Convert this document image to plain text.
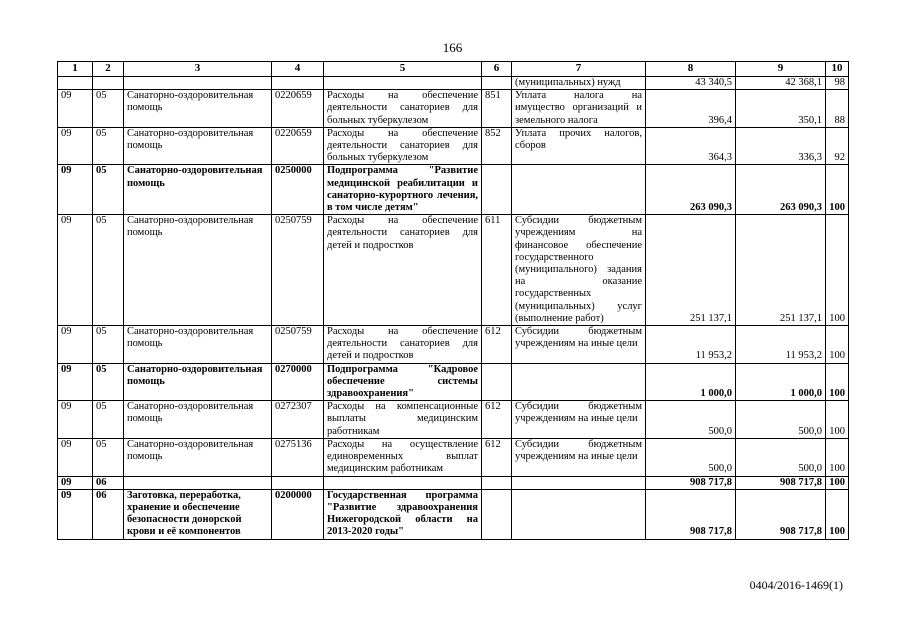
166
1	2	3	4	5	6	7	8	9	10
						(муниципальных) нужд	43 340,5	42 368,1	98
09	05	Санаторно-оздоровительная помощь	0220659	Расходы на обеспечение деятельности санаториев для больных туберкулезом	851	Уплата налога на имущество организаций и земельного налога	396,4	350,1	88
09	05	Санаторно-оздоровительная помощь	0220659	Расходы на обеспечение деятельности санаториев для больных туберкулезом	852	Уплата прочих налогов, сборов	364,3	336,3	92
09	05	Санаторно-оздоровительная помощь	0250000	Подпрограмма "Развитие медицинской реабилитации и санаторно-курортного лечения, в том числе детям"			263 090,3	263 090,3	100
09	05	Санаторно-оздоровительная помощь	0250759	Расходы на обеспечение деятельности санаториев для детей и подростков	611	Субсидии бюджетным учреждениям на финансовое обеспечение государственного (муниципального) задания на оказание государственных (муниципальных) услуг (выполнение работ)	251 137,1	251 137,1	100
09	05	Санаторно-оздоровительная помощь	0250759	Расходы на обеспечение деятельности санаториев для детей и подростков	612	Субсидии бюджетным учреждениям на иные цели	11 953,2	11 953,2	100
09	05	Санаторно-оздоровительная помощь	0270000	Подпрограмма "Кадровое обеспечение системы здравоохранения"			1 000,0	1 000,0	100
09	05	Санаторно-оздоровительная помощь	0272307	Расходы на компенсационные выплаты медицинским работникам	612	Субсидии бюджетным учреждениям на иные цели	500,0	500,0	100
09	05	Санаторно-оздоровительная помощь	0275136	Расходы на осуществление единовременных выплат медицинским работникам	612	Субсидии бюджетным учреждениям на иные цели	500,0	500,0	100
09	06						908 717,8	908 717,8	100
09	06	Заготовка, переработка, хранение и обеспечение безопасности донорской крови и её компонентов	0200000	Государственная программа "Развитие здравоохранения Нижегородской области на 2013-2020 годы"			908 717,8	908 717,8	100
0404/2016-1469(1)
